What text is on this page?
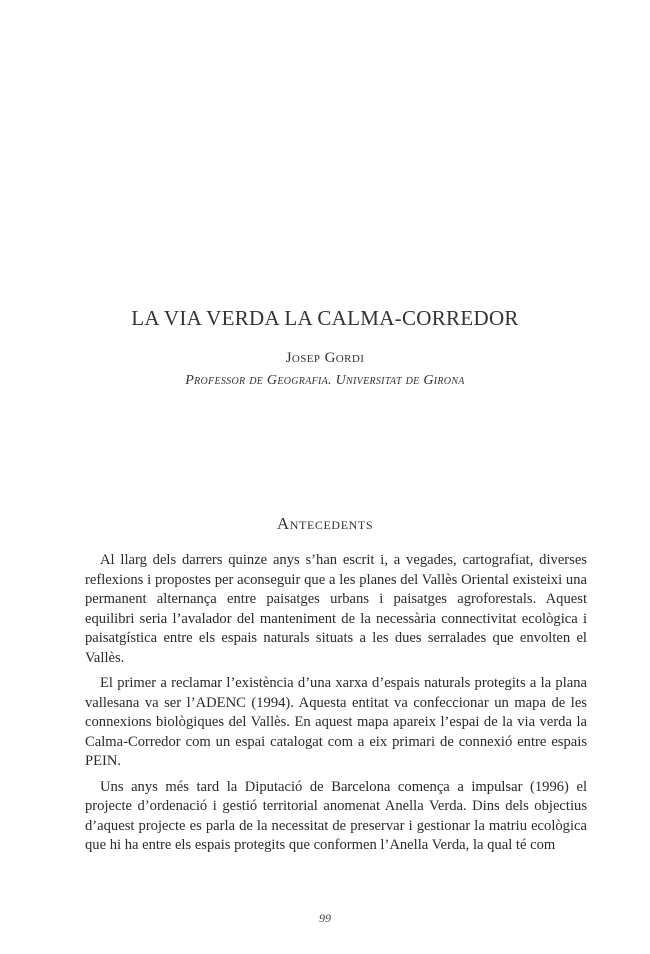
LA VIA VERDA LA CALMA-CORREDOR
Josep Gordi
Professor de Geografia. Universitat de Girona
Antecedents

Al llarg dels darrers quinze anys s’han escrit i, a vegades, cartografiat, diverses reflexions i propostes per aconseguir que a les planes del Vallès Oriental existeixi una permanent alternança entre paisatges urbans i paisatges agroforestals. Aquest equilibri seria l’avalador del manteniment de la necessària connectivitat ecològica i paisatgística entre els espais naturals situats a les dues serralades que envolten el Vallès.

El primer a reclamar l’existència d’una xarxa d’espais naturals protegits a la plana vallesana va ser l’ADENC (1994). Aquesta entitat va confeccionar un mapa de les connexions biològiques del Vallès. En aquest mapa apareix l’espai de la via verda la Calma-Corredor com un espai catalogat com a eix primari de connexió entre espais PEIN.

Uns anys més tard la Diputació de Barcelona comença a impulsar (1996) el projecte d’ordenació i gestió territorial anomenat Anella Verda. Dins dels objectius d’aquest projecte es parla de la necessitat de preservar i gestionar la matriu ecològica que hi ha entre els espais protegits que conformen l’Anella Verda, la qual té com

99
